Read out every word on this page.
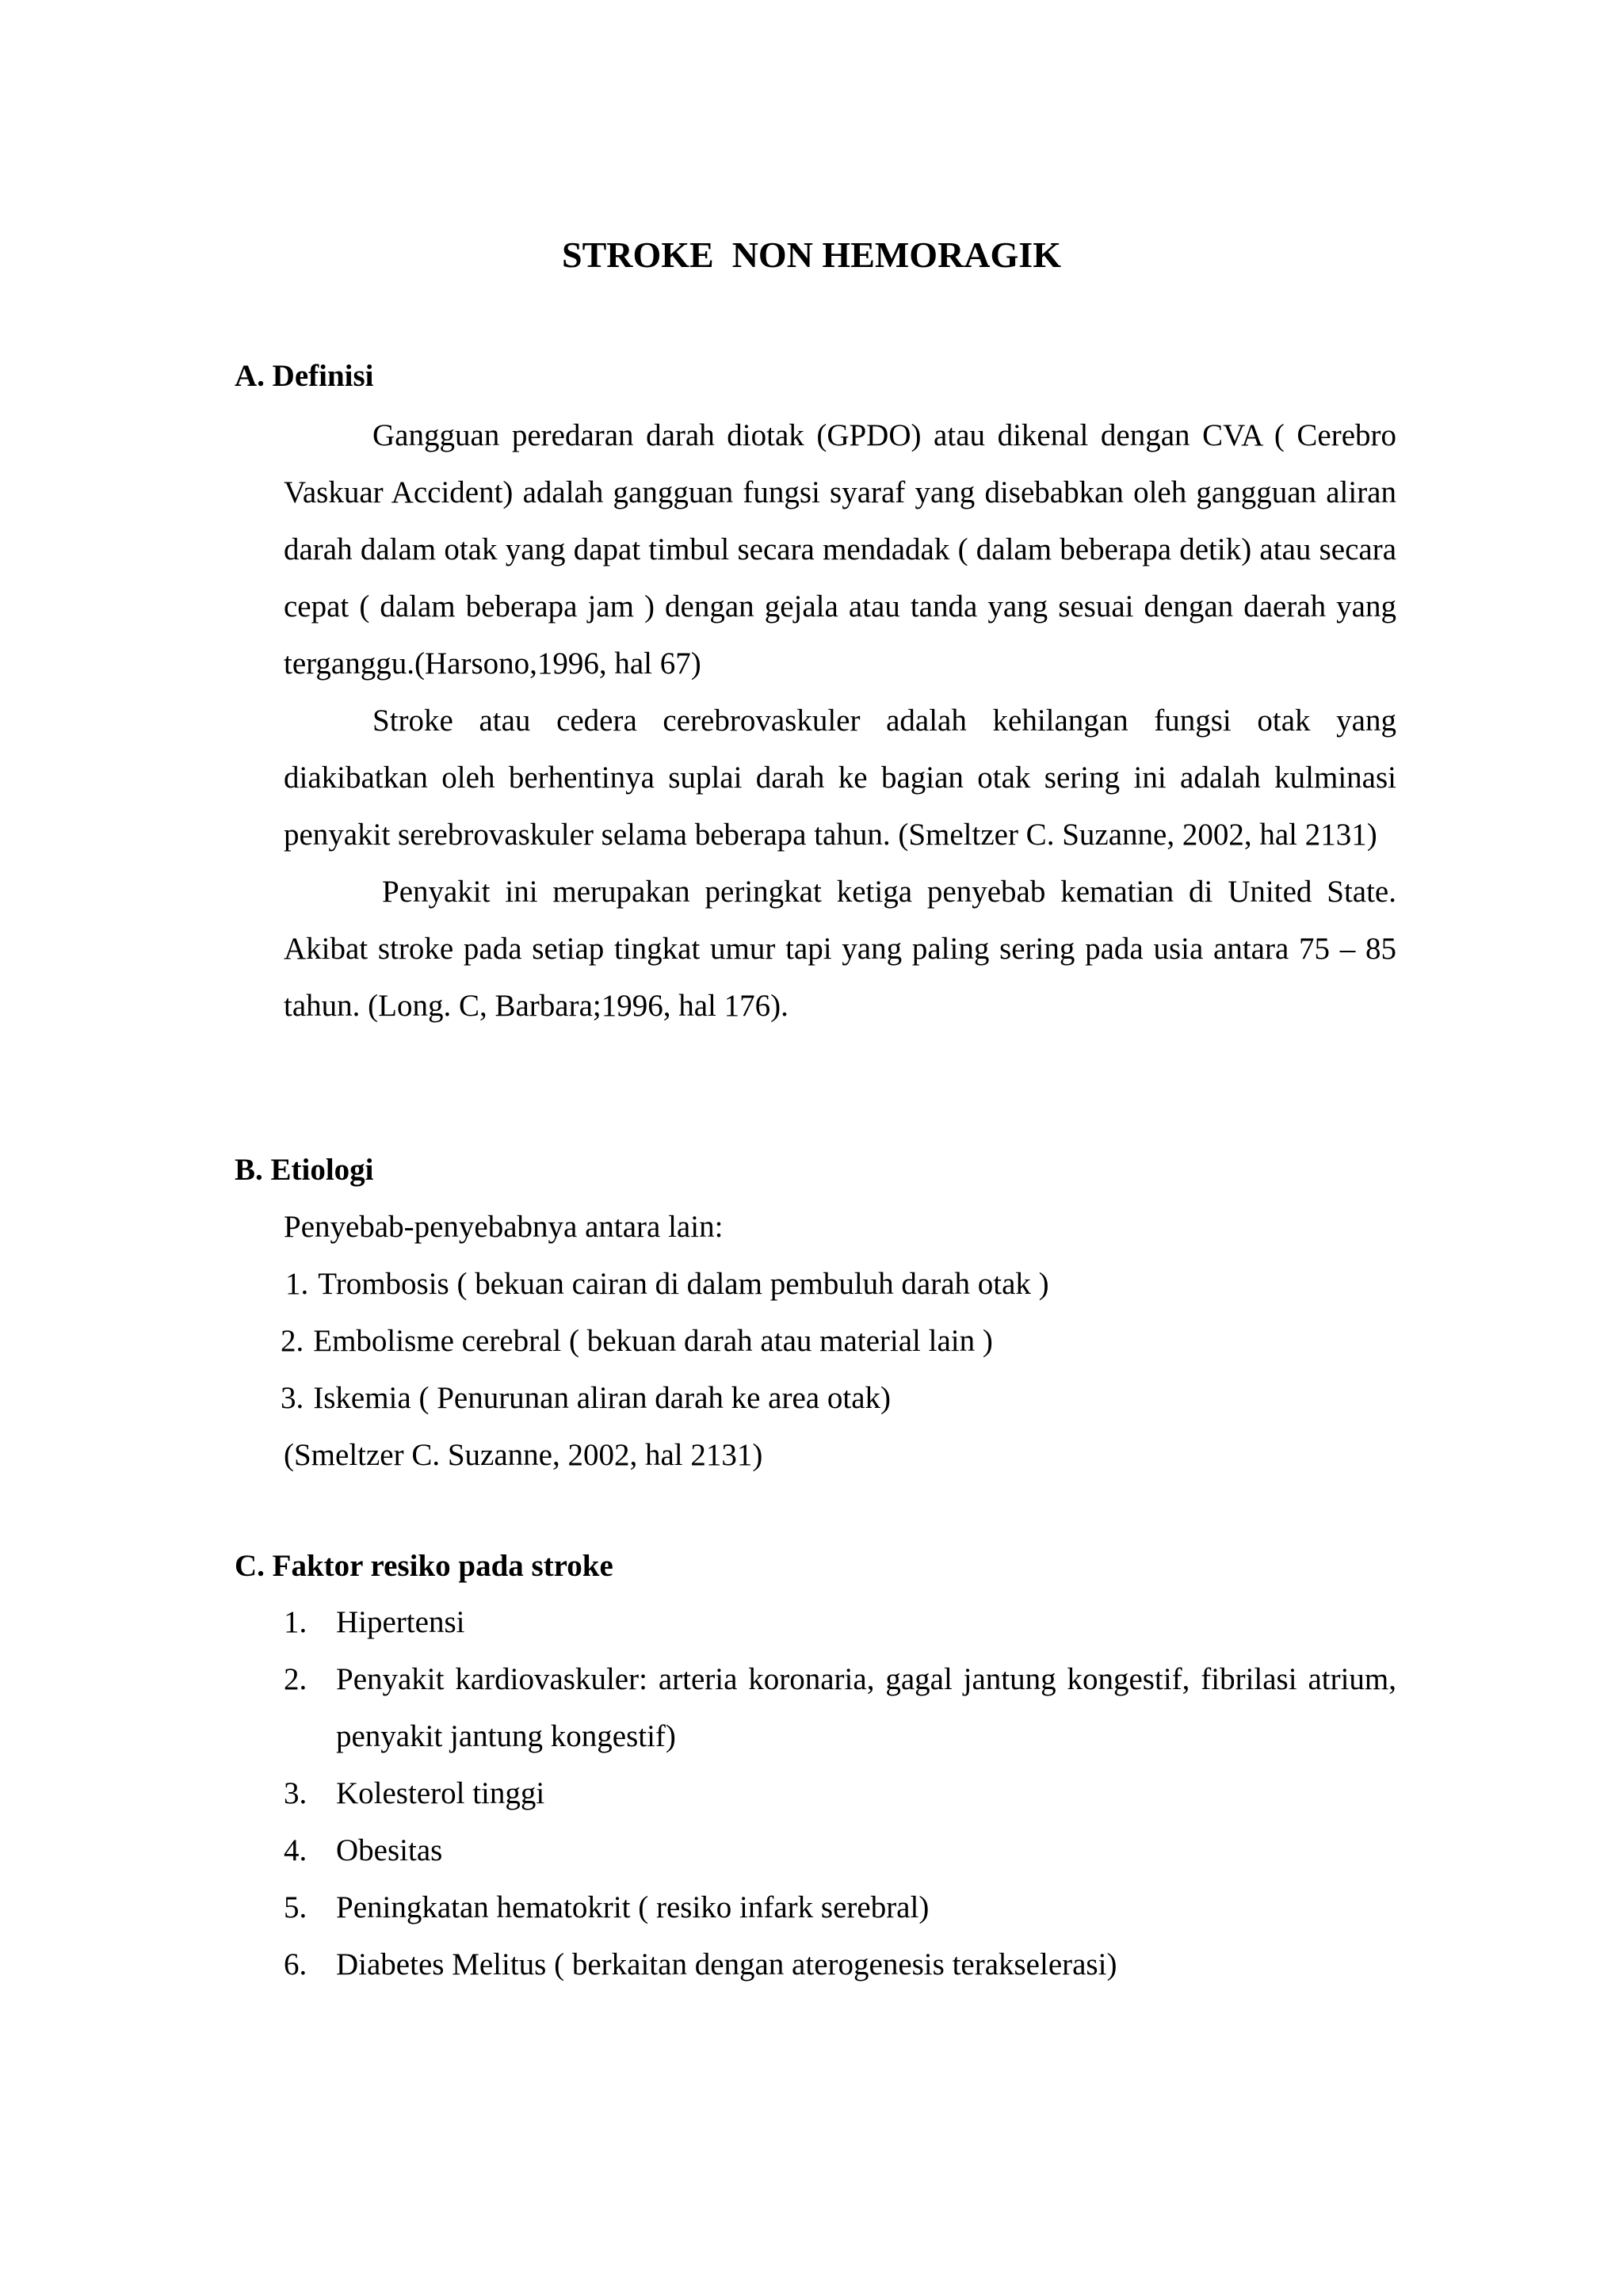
STROKE  NON HEMORAGIK
A. Definisi

Gangguan peredaran darah diotak (GPDO) atau dikenal dengan CVA ( Cerebro Vaskuar Accident) adalah gangguan fungsi syaraf yang disebabkan oleh gangguan aliran darah dalam otak yang dapat timbul secara mendadak ( dalam beberapa detik) atau secara cepat ( dalam beberapa jam ) dengan gejala atau tanda yang sesuai dengan daerah yang terganggu.(Harsono,1996, hal 67)

Stroke atau cedera cerebrovaskuler adalah kehilangan fungsi otak yang diakibatkan oleh berhentinya suplai darah ke bagian otak sering ini adalah kulminasi penyakit serebrovaskuler selama beberapa tahun. (Smeltzer C. Suzanne, 2002, hal 2131)

Penyakit ini merupakan peringkat ketiga penyebab kematian di United State. Akibat stroke pada setiap tingkat umur tapi yang paling sering pada usia antara 75 – 85 tahun. (Long. C, Barbara;1996, hal 176).

B. Etiologi
Penyebab-penyebabnya antara lain:
1. Trombosis ( bekuan cairan di dalam pembuluh darah otak )
2. Embolisme cerebral ( bekuan darah atau material lain )
3. Iskemia ( Penurunan aliran darah ke area otak)
(Smeltzer C. Suzanne, 2002, hal 2131)
C. Faktor resiko pada stroke
1. Hipertensi
2. Penyakit kardiovaskuler: arteria koronaria, gagal jantung kongestif, fibrilasi atrium, penyakit jantung kongestif)
3. Kolesterol tinggi
4. Obesitas
5. Peningkatan hematokrit ( resiko infark serebral)
6. Diabetes Melitus ( berkaitan dengan aterogenesis terakselerasi)
